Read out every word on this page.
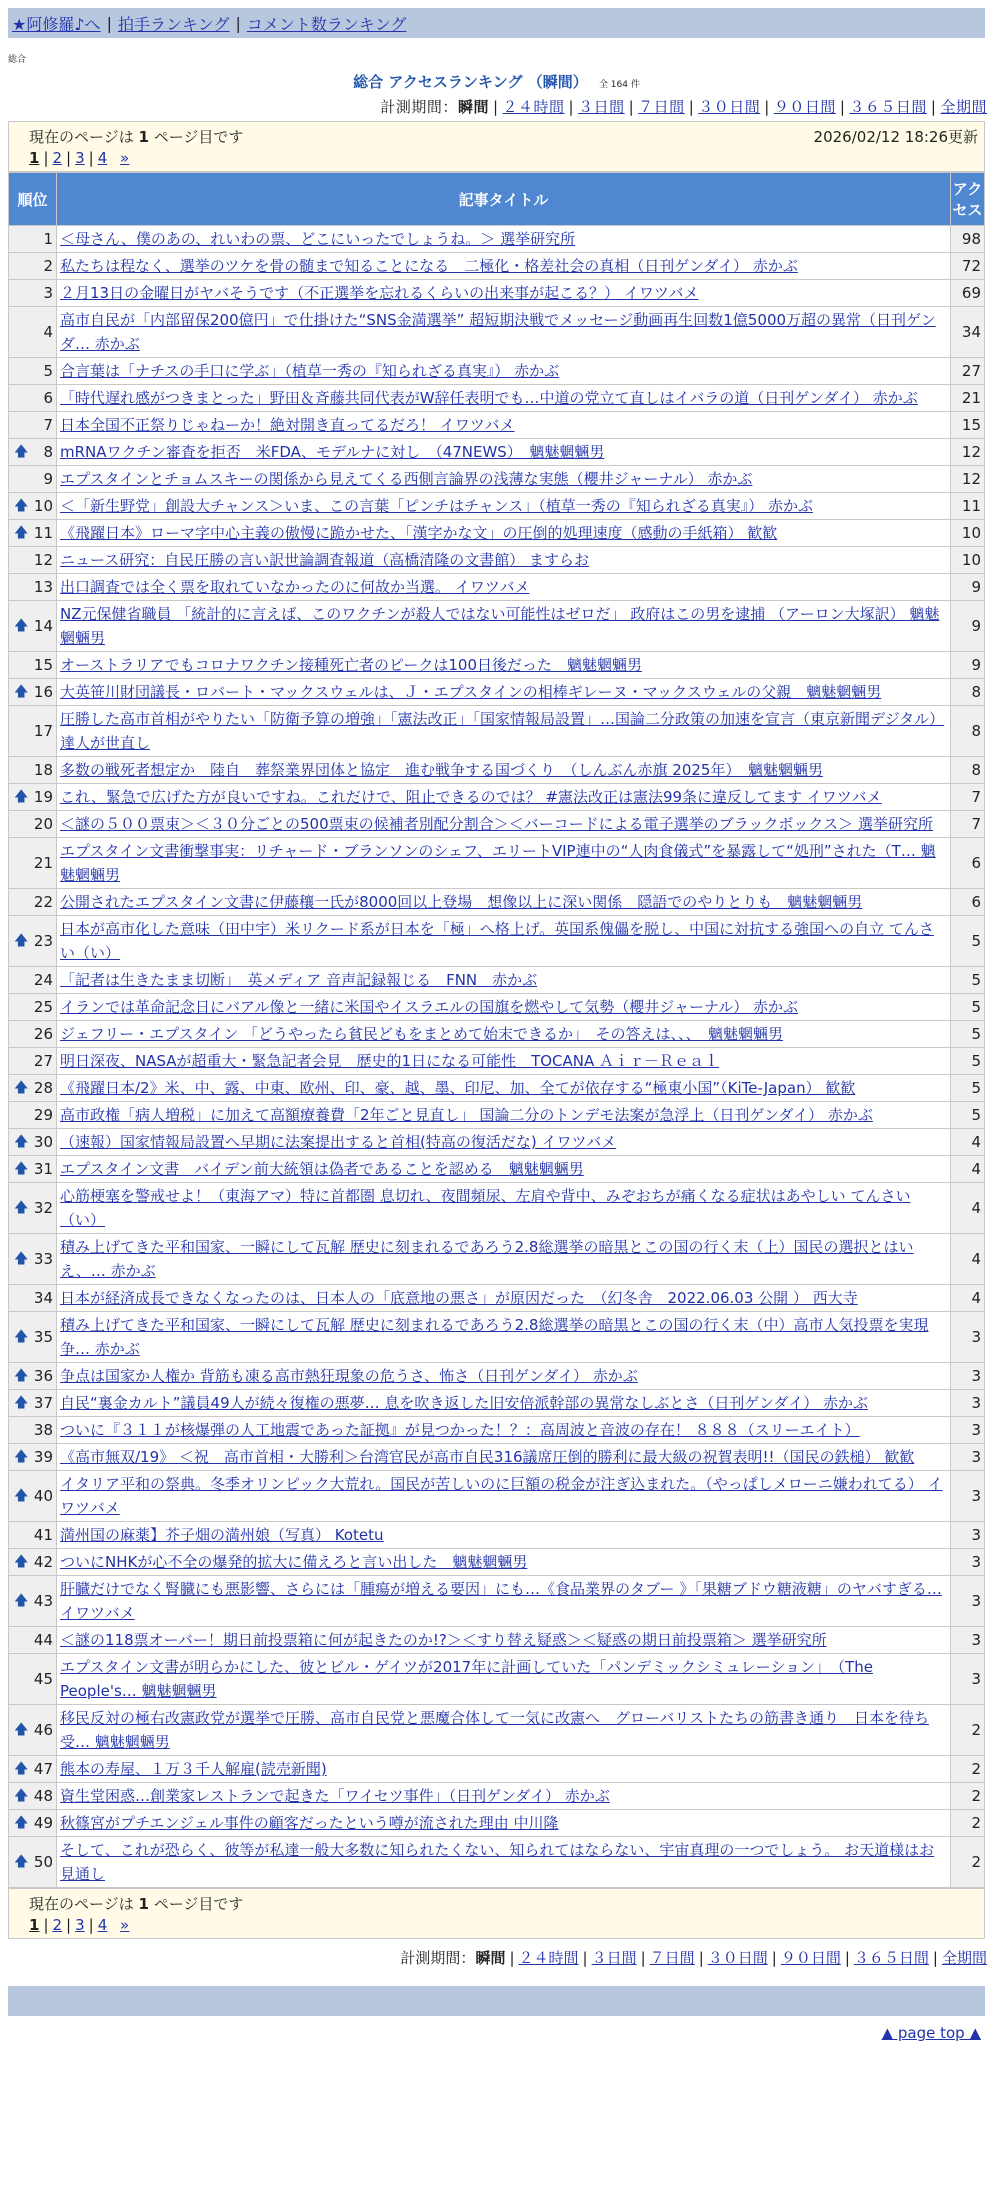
★阿修羅♪へ | 拍手ランキング | コメント数ランキング
総合
総合 アクセスランキング （瞬間） 全 164 件
計測期間：瞬間 | ２４時間 | ３日間 | ７日間 | ３０日間 | ９０日間 | ３６５日間 | 全期間
現在のページは 1 ページ目です	2026/02/12 18:26更新
1 | 2 | 3 | 4 »
順位	記事タイトル	アクセス
1	＜母さん、僕のあの、れいわの票、どこにいったでしょうね。＞ 選挙研究所	98
2	私たちは程なく、選挙のツケを骨の髄まで知ることになる　二極化・格差社会の真相（日刊ゲンダイ） 赤かぶ	72
3	２月13日の金曜日がヤバそうです（不正選挙を忘れるくらいの出来事が起こる？） イワツバメ	69
4	高市自民が「内部留保200億円」で仕掛けた“SNS金満選挙” 超短期決戦でメッセージ動画再生回数1億5000万超の異常（日刊ゲンダ… 赤かぶ	34
5	合言葉は「ナチスの手口に学ぶ」（植草一秀の『知られざる真実』） 赤かぶ	27
6	「時代遅れ感がつきまとった」野田＆斉藤共同代表がW辞任表明でも…中道の党立て直しはイバラの道（日刊ゲンダイ） 赤かぶ	21
7	日本全国不正祭りじゃねーか！絶対開き直ってるだろ！ イワツバメ	15

🡅 8	mRNAワクチン審査を拒否　米FDA、モデルナに対し　（47NEWS）　魑魅魍魎男	12
9	エプスタインとチョムスキーの関係から見えてくる西側言論界の浅薄な実態（櫻井ジャーナル） 赤かぶ	12

🡅 10	＜「新生野党」創設大チャンス＞いま、この言葉「ピンチはチャンス」（植草一秀の『知られざる真実』） 赤かぶ	11

🡅 11	《飛躍日本》ローマ字中心主義の傲慢に跪かせた、「漢字かな文」の圧倒的処理速度（感動の手紙箱） 歓歓	10
12	ニュース研究：自民圧勝の言い訳世論調査報道（高橋清隆の文書館） ますらお	10
13	出口調査では全く票を取れていなかったのに何故か当選。 イワツバメ	9

🡅 14	NZ元保健省職員 「統計的に言えば、このワクチンが殺人ではない可能性はゼロだ」 政府はこの男を逮捕 （アーロン大塚訳） 魑魅魍魎男	9
15	オーストラリアでもコロナワクチン接種死亡者のピークは100日後だった　魑魅魍魎男	9

🡅 16	大英笹川財団議長・ロバート・マックスウェルは、Ｊ・エプスタインの相棒ギレーヌ・マックスウェルの父親　魑魅魍魎男	8
17	圧勝した高市首相がやりたい「防衛予算の増強」「憲法改正」「国家情報局設置」…国論二分政策の加速を宣言（東京新聞デジタル） 達人が世直し	8
18	多数の戦死者想定か　陸自　葬祭業界団体と協定　進む戦争する国づくり　（しんぶん赤旗 2025年）　魑魅魍魎男	8

🡅 19	これ、緊急で広げた方が良いですね。これだけで、阻止できるのでは？ #憲法改正は憲法99条に違反してます イワツバメ	7
20	＜謎の５００票束＞＜３０分ごとの500票束の候補者別配分割合＞＜バーコードによる電子選挙のブラックボックス＞ 選挙研究所	7
21	エプスタイン文書衝撃事実：リチャード・ブランソンのシェフ、エリートVIP連中の“人肉食儀式”を暴露して“処刑”された（T… 魑魅魍魎男	6
22	公開されたエプスタイン文書に伊藤穰一氏が8000回以上登場　想像以上に深い関係　隠語でのやりとりも　魑魅魍魎男	6

🡅 23	日本が高市化した意味（田中宇）米リクード系が日本を「極」へ格上げ。英国系傀儡を脱し、中国に対抗する強国への自立 てんさい（い）	5
24	「記者は生きたまま切断」　英メディア 音声記録報じる　FNN　赤かぶ	5
25	イランでは革命記念日にバアル像と一緒に米国やイスラエルの国旗を燃やして気勢（櫻井ジャーナル） 赤かぶ	5
26	ジェフリー・エプスタイン 「どうやったら貧民どもをまとめて始末できるか」　その答えは、、、　魑魅魍魎男	5
27	明日深夜、NASAが超重大・緊急記者会見　歴史的1日になる可能性　TOCANA Ａｉｒ－Ｒｅａｌ	5

🡅 28	《飛躍日本/2》米、中、露、中東、欧州、印、豪、越、墨、印尼、加、全てが依存する“極東小国”（KiTe-Japan） 歓歓	5
29	高市政権「病人増税」に加えて高額療養費「2年ごと見直し」 国論二分のトンデモ法案が急浮上（日刊ゲンダイ） 赤かぶ	5

🡅 30	（速報）国家情報局設置へ早期に法案提出すると首相(特高の復活だな) イワツバメ	4

🡅 31	エプスタイン文書　バイデン前大統領は偽者であることを認める　魑魅魍魎男	4

🡅 32	心筋梗塞を警戒せよ！（東海アマ）特に首都圏 息切れ、夜間頻尿、左肩や背中、みぞおちが痛くなる症状はあやしい てんさい（い）	4

🡅 33	積み上げてきた平和国家、一瞬にして瓦解 歴史に刻まれるであろう2.8総選挙の暗黒とこの国の行く末（上）国民の選択とはいえ、… 赤かぶ	4
34	日本が経済成長できなくなったのは、日本人の「底意地の悪さ」が原因だった　（幻冬舎　2022.06.03 公開 ） 西大寺	4

🡅 35	積み上げてきた平和国家、一瞬にして瓦解 歴史に刻まれるであろう2.8総選挙の暗黒とこの国の行く末（中）高市人気投票を実現争… 赤かぶ	3

🡅 36	争点は国家か人権か 背筋も凍る高市熱狂現象の危うさ、怖さ（日刊ゲンダイ） 赤かぶ	3

🡅 37	自民“裏金カルト”議員49人が続々復権の悪夢… 息を吹き返した旧安倍派幹部の異常なしぶとさ（日刊ゲンダイ） 赤かぶ	3
38	ついに『３１１が核爆弾の人工地震であった証拠』が見つかった！？：高周波と音波の存在！ ８８８（スリーエイト）	3

🡅 39	《高市無双/19》 ＜祝　高市首相・大勝利＞台湾官民が高市自民316議席圧倒的勝利に最大級の祝賀表明!!（国民の鉄槌） 歓歓	3

🡅 40	イタリア平和の祭典。冬季オリンピック大荒れ。国民が苦しいのに巨額の税金が注ぎ込まれた。（やっぱしメローニ嫌われてる） イワツバメ	3
41	満州国の麻薬】芥子畑の満州娘（写真） Kotetu	3

🡅 42	ついにNHKが心不全の爆発的拡大に備えろと言い出した　魑魅魍魎男	3

🡅 43	肝臓だけでなく腎臓にも悪影響、さらには「腫瘍が増える要因」にも…《食品業界のタブー 》「果糖ブドウ糖液糖」のヤバすぎる… イワツバメ	3
44	＜謎の118票オーバー！期日前投票箱に何が起きたのか!?＞＜すり替え疑惑＞＜疑惑の期日前投票箱＞ 選挙研究所	3
45	エプスタイン文書が明らかにした、彼とビル・ゲイツが2017年に計画していた「パンデミックシミュレーション」　（The People's… 魑魅魍魎男	3

🡅 46	移民反対の極右改憲政党が選挙で圧勝、高市自民党と悪魔合体して一気に改憲へ　グローバリストたちの筋書き通り　日本を待ち受… 魑魅魍魎男	2

🡅 47	熊本の寿屋、１万３千人解雇(読売新聞)	2

🡅 48	資生堂困惑…創業家レストランで起きた「ワイセツ事件」（日刊ゲンダイ） 赤かぶ	2

🡅 49	秋篠宮がプチエンジェル事件の顧客だったという噂が流された理由 中川隆	2

🡅 50	そして、これが恐らく、彼等が私達一般大多数に知られたくない、知られてはならない、宇宙真理の一つでしょう。 お天道様はお見通し	2
現在のページは 1 ページ目です
1 | 2 | 3 | 4 »
計測期間：瞬間 | ２４時間 | ３日間 | ７日間 | ３０日間 | ９０日間 | ３６５日間 | 全期間
▲ page top ▲
